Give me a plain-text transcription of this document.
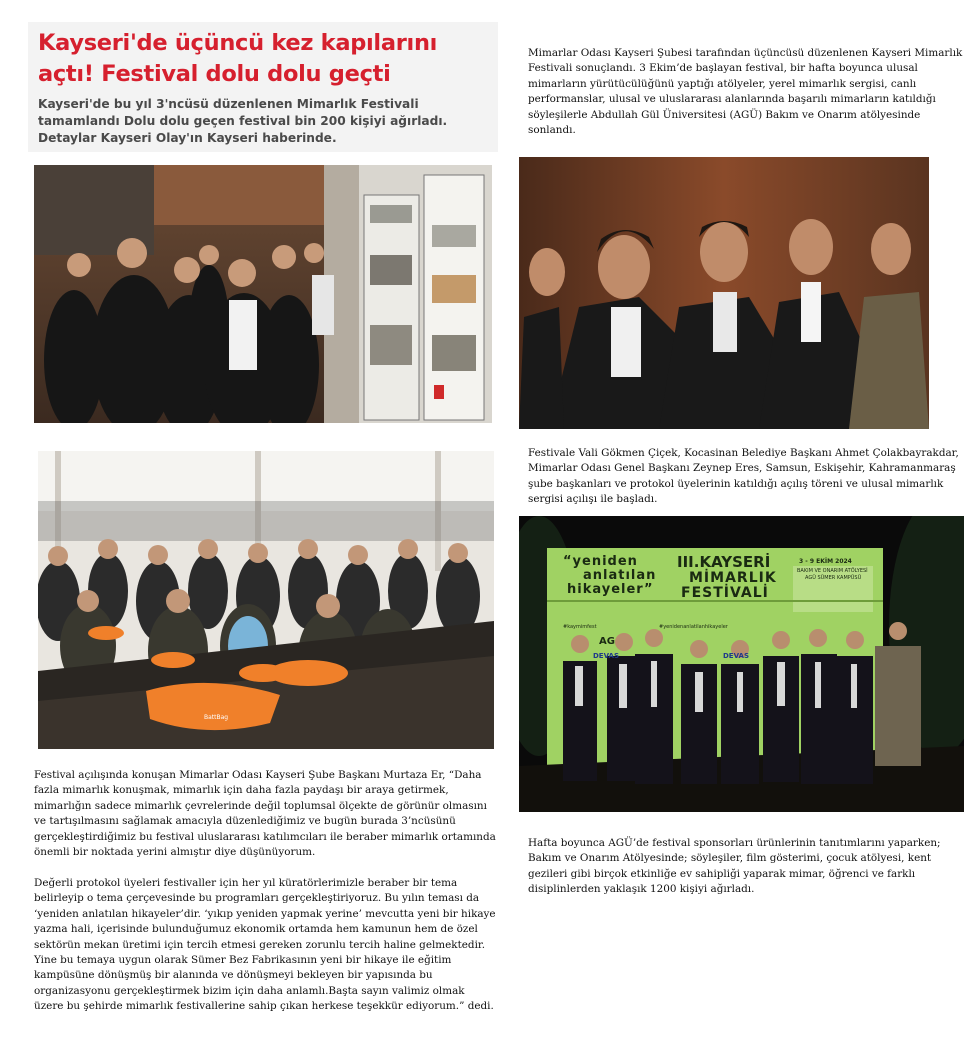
Kayseri'de üçüncü kez kapılarını açtı! Festival dolu dolu geçti

Kayseri'de bu yıl 3'ncüsü düzenlenen Mimarlık Festivali tamamlandı Dolu dolu geçen festival bin 200 kişiyi ağırladı. Detaylar Kayseri Olay'ın Kayseri haberinde.

Mimarlar Odası Kayseri Şubesi tarafından üçüncüsü düzenlenen Kayseri Mimarlık Festivali sonuçlandı. 3 Ekim’de başlayan festival, bir hafta boyunca ulusal mimarların yürütücülüğünü yaptığı atölyeler, yerel mimarlık sergisi, canlı performanslar, ulusal ve uluslararası alanlarında başarılı mimarların katıldığı söyleşilerle Abdullah Gül Üniversitesi (AGÜ) Bakım ve Onarım atölyesinde sonlandı.

Festivale Vali Gökmen Çiçek, Kocasinan Belediye Başkanı Ahmet Çolakbayrakdar, Mimarlar Odası Genel Başkanı Zeynep Eres, Samsun, Eskişehir, Kahramanmaraş şube başkanları ve protokol üyelerinin katıldığı açılış töreni ve ulusal mimarlık sergisi açılışı ile başladı.

Hafta boyunca AGÜ’de festival sponsorları ürünlerinin tanıtımlarını yaparken; Bakım ve Onarım Atölyesinde; söyleşiler, film gösterimi, çocuk atölyesi, kent gezileri gibi birçok etkinliğe ev sahipliği yaparak mimar, öğrenci ve farklı disiplinlerden yaklaşık 1200 kişiyi ağırladı.

Festival açılışında konuşan Mimarlar Odası Kayseri Şube Başkanı Murtaza Er, “Daha fazla mimarlık konuşmak, mimarlık için daha fazla paydaşı bir araya getirmek, mimarlığın sadece mimarlık çevrelerinde değil toplumsal ölçekte de görünür olmasını ve tartışılmasını sağlamak amacıyla düzenlediğimiz ve bugün burada 3’ncüsünü gerçekleştirdiğimiz bu festival uluslararası katılımcıları ile beraber mimarlık ortamında önemli bir noktada yerini almıştır diye düşünüyorum.

Değerli protokol üyeleri festivaller için her yıl küratörlerimizle beraber bir tema belirleyip o tema çerçevesinde bu programları gerçekleştiriyoruz. Bu yılın teması da ‘yeniden anlatılan hikayeler’dir. ‘yıkıp yeniden yapmak yerine’ mevcutta yeni bir hikaye yazma hali, içerisinde bulunduğumuz ekonomik ortamda hem kamunun hem de özel sektörün mekan üretimi için tercih etmesi gereken zorunlu tercih haline gelmektedir. Yine bu temaya uygun olarak Sümer Bez Fabrikasının yeni bir hikaye ile eğitim kampüsüne dönüşmüş bir alanında ve dönüşmeyi bekleyen bir yapısında bu organizasyonu gerçekleştirmek bizim için daha anlamlı.Başta sayın valimiz olmak üzere bu şehirde mimarlık festivallerine sahip çıkan herkese teşekkür ediyorum.” dedi.

BattBag
“yeniden
anlatılan
hikayeler”
III.KAYSERİ
MİMARLIK
FESTİVALİ
3 - 9 EKİM 2024
BAKIM VE ONARIM ATÖLYESİ
AGÜ SÜMER KAMPÜSÜ
#kaymimfest	#yenidenanlatilanhikayeler
AG
DEVAS	DEVAS
